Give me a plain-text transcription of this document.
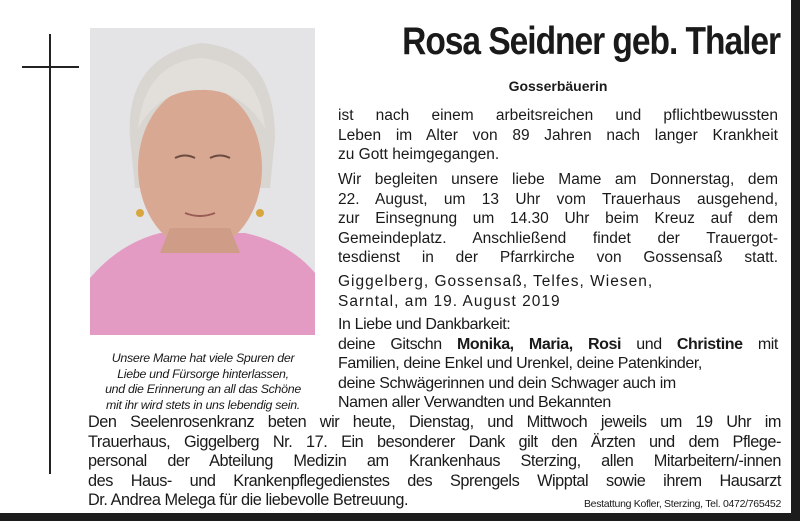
Unsere Mame hat viele Spuren der
Liebe und Fürsorge hinterlassen,
und die Erinnerung an all das Schöne
mit ihr wird stets in uns lebendig sein.
Rosa Seidner geb. Thaler
Gosserbäuerin
ist nach einem arbeitsreichen und pflichtbewussten
Leben im Alter von 89 Jahren nach langer Krankheit
zu Gott heimgegangen.
Wir begleiten unsere liebe Mame am Donnerstag, dem
22. August, um 13 Uhr vom Trauerhaus ausgehend,
zur Einsegnung um 14.30 Uhr beim Kreuz auf dem
Gemeindeplatz. Anschließend findet der Trauergot-
tesdienst in der Pfarrkirche von Gossensaß statt.
Giggelberg, Gossensaß, Telfes, Wiesen,
Sarntal, am 19. August 2019
In Liebe und Dankbarkeit:
deine Gitschn Monika, Maria, Rosi und Christine mit
Familien, deine Enkel und Urenkel, deine Patenkinder,
deine Schwägerinnen und dein Schwager auch im
Namen aller Verwandten und Bekannten
Den Seelenrosenkranz beten wir heute, Dienstag, und Mittwoch jeweils um 19 Uhr im
Trauerhaus, Giggelberg Nr. 17. Ein besonderer Dank gilt den Ärzten und dem Pflege-
personal der Abteilung Medizin am Krankenhaus Sterzing, allen Mitarbeitern/-innen
des Haus- und Krankenpflegedienstes des Sprengels Wipptal sowie ihrem Hausarzt
Dr. Andrea Melega für die liebevolle Betreuung.	Bestattung Kofler, Sterzing, Tel. 0472/765452
